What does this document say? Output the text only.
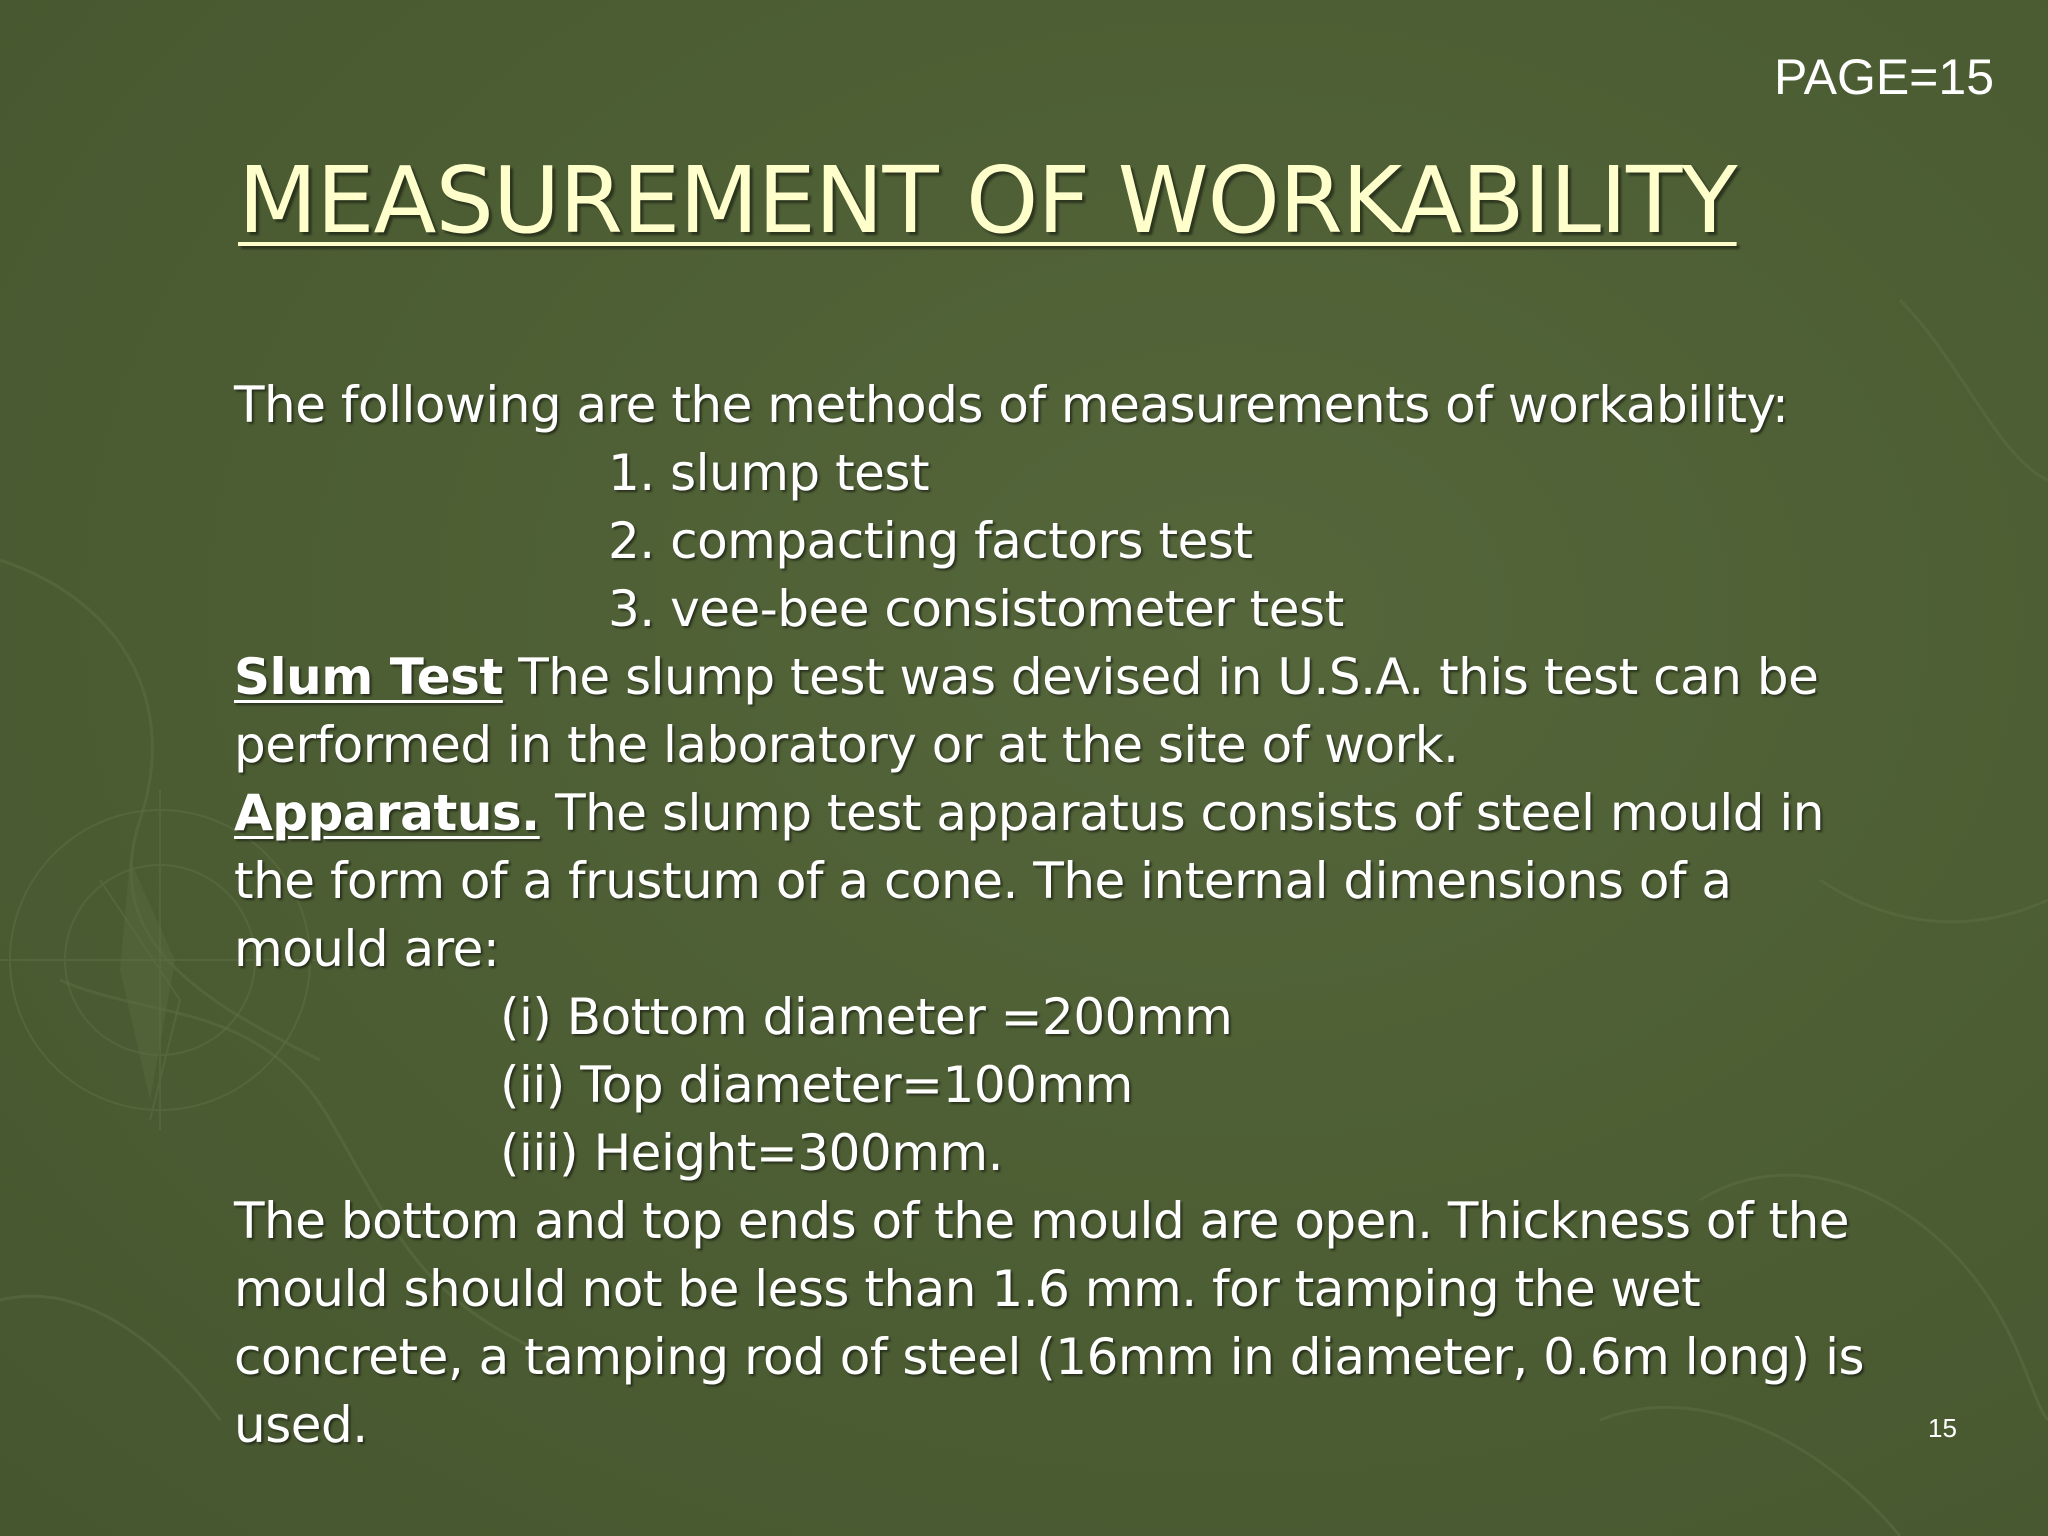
PAGE=15
MEASUREMENT OF WORKABILITY
The following are the methods of measurements of workability:
1. slump test
2. compacting factors test
3. vee-bee consistometer test
Slum Test The slump test was devised in U.S.A. this test can be
performed in the laboratory or at the site of work.
Apparatus. The slump test apparatus consists of steel mould in
the form of a frustum of a cone. The internal dimensions of a
mould are:
(i) Bottom diameter =200mm
(ii) Top diameter=100mm
(iii) Height=300mm.
The bottom and top ends of the mould are open. Thickness of the
mould should not be less than 1.6 mm. for tamping the wet
concrete, a tamping rod of steel (16mm in diameter, 0.6m long) is
used.	15
